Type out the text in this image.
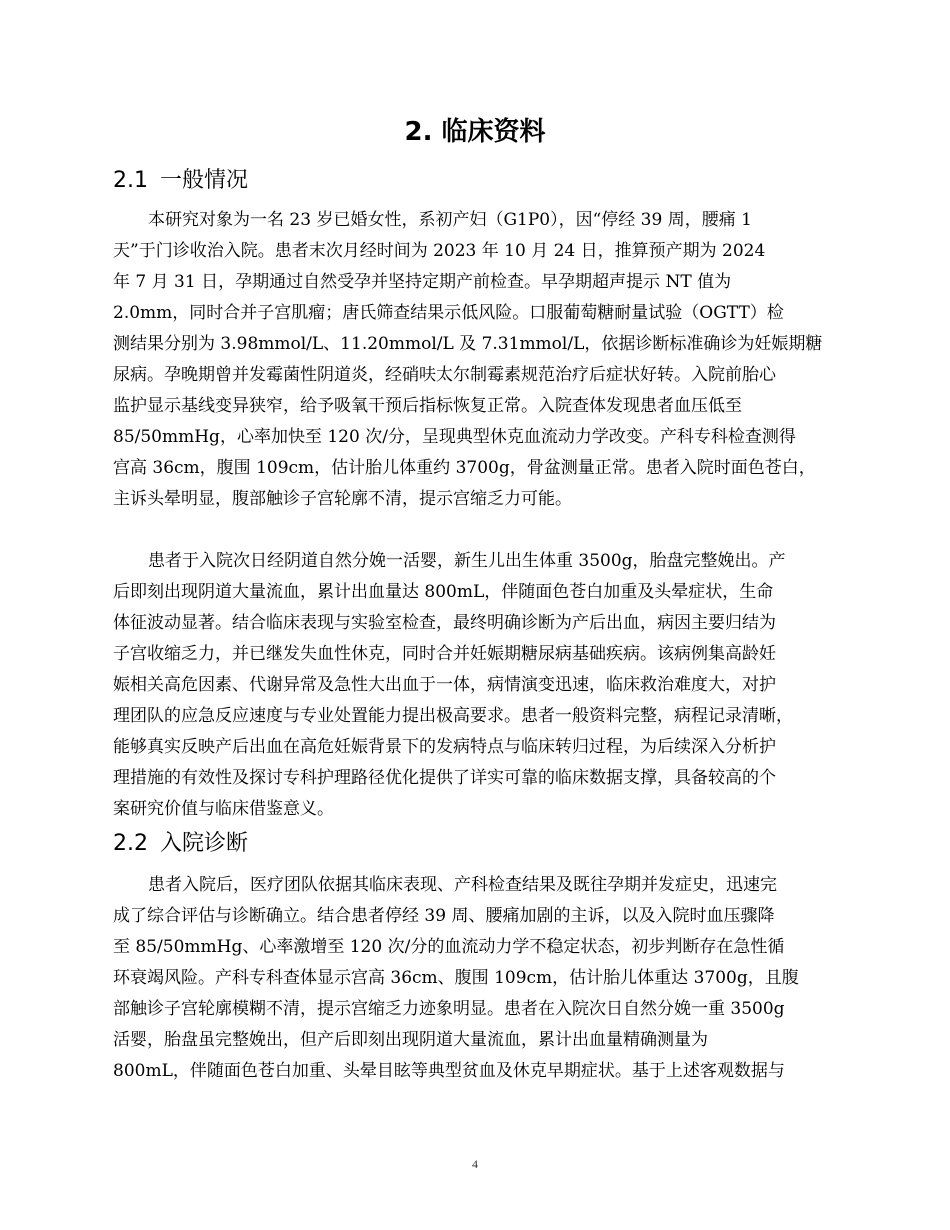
2. 临床资料
2.1 一般情况
本研究对象为一名 23 岁已婚女性，系初产妇（G1P0），因“停经 39 周，腰痛 1
天”于门诊收治入院。患者末次月经时间为 2023 年 10 月 24 日，推算预产期为 2024
年 7 月 31 日，孕期通过自然受孕并坚持定期产前检查。早孕期超声提示 NT 值为
2.0mm，同时合并子宫肌瘤；唐氏筛查结果示低风险。口服葡萄糖耐量试验（OGTT）检
测结果分别为 3.98mmol/L、11.20mmol/L 及 7.31mmol/L，依据诊断标准确诊为妊娠期糖
尿病。孕晚期曾并发霉菌性阴道炎，经硝呋太尔制霉素规范治疗后症状好转。入院前胎心
监护显示基线变异狭窄，给予吸氧干预后指标恢复正常。入院查体发现患者血压低至
85/50mmHg，心率加快至 120 次/分，呈现典型休克血流动力学改变。产科专科检查测得
宫高 36cm，腹围 109cm，估计胎儿体重约 3700g，骨盆测量正常。患者入院时面色苍白，
主诉头晕明显，腹部触诊子宫轮廓不清，提示宫缩乏力可能。
患者于入院次日经阴道自然分娩一活婴，新生儿出生体重 3500g，胎盘完整娩出。产
后即刻出现阴道大量流血，累计出血量达 800mL，伴随面色苍白加重及头晕症状，生命
体征波动显著。结合临床表现与实验室检查，最终明确诊断为产后出血，病因主要归结为
子宫收缩乏力，并已继发失血性休克，同时合并妊娠期糖尿病基础疾病。该病例集高龄妊
娠相关高危因素、代谢异常及急性大出血于一体，病情演变迅速，临床救治难度大，对护
理团队的应急反应速度与专业处置能力提出极高要求。患者一般资料完整，病程记录清晰，
能够真实反映产后出血在高危妊娠背景下的发病特点与临床转归过程，为后续深入分析护
理措施的有效性及探讨专科护理路径优化提供了详实可靠的临床数据支撑，具备较高的个
案研究价值与临床借鉴意义。
2.2 入院诊断
患者入院后，医疗团队依据其临床表现、产科检查结果及既往孕期并发症史，迅速完
成了综合评估与诊断确立。结合患者停经 39 周、腰痛加剧的主诉，以及入院时血压骤降
至 85/50mmHg、心率激增至 120 次/分的血流动力学不稳定状态，初步判断存在急性循
环衰竭风险。产科专科查体显示宫高 36cm、腹围 109cm，估计胎儿体重达 3700g，且腹
部触诊子宫轮廓模糊不清，提示宫缩乏力迹象明显。患者在入院次日自然分娩一重 3500g
活婴，胎盘虽完整娩出，但产后即刻出现阴道大量流血，累计出血量精确测量为
800mL，伴随面色苍白加重、头晕目眩等典型贫血及休克早期症状。基于上述客观数据与
4
